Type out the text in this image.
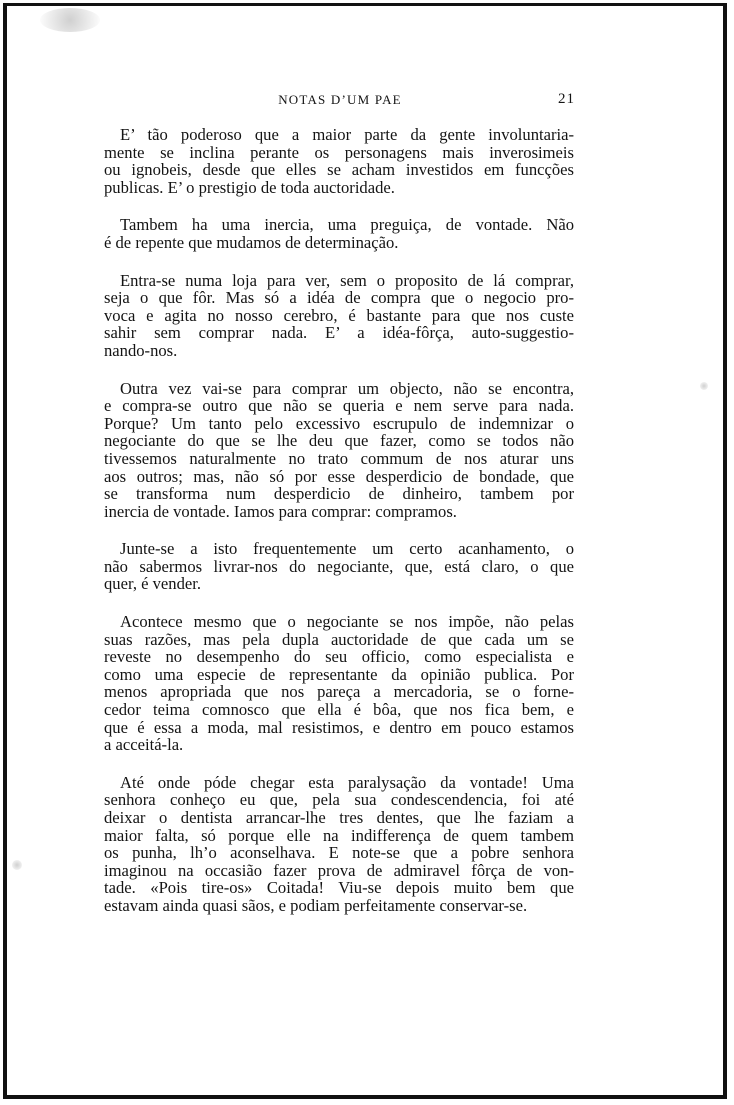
NOTAS D’UM PAE	21

E’ tão poderoso que a maior parte da gente involuntaria-
mente se inclina perante os personagens mais inverosimeis
ou ignobeis, desde que elles se acham investidos em funcções
publicas. E’ o prestigio de toda auctoridade.

Tambem ha uma inercia, uma preguiça, de vontade. Não
é de repente que mudamos de determinação.

Entra-se numa loja para ver, sem o proposito de lá comprar,
seja o que fôr. Mas só a idéa de compra que o negocio pro-
voca e agita no nosso cerebro, é bastante para que nos custe
sahir sem comprar nada. E’ a idéa-fôrça, auto-suggestio-
nando-nos.

Outra vez vai-se para comprar um objecto, não se encontra,
e compra-se outro que não se queria e nem serve para nada.
Porque? Um tanto pelo excessivo escrupulo de indemnizar o
negociante do que se lhe deu que fazer, como se todos não
tivessemos naturalmente no trato commum de nos aturar uns
aos outros; mas, não só por esse desperdicio de bondade, que
se transforma num desperdicio de dinheiro, tambem por
inercia de vontade. Iamos para comprar: compramos.

Junte-se a isto frequentemente um certo acanhamento, o
não sabermos livrar-nos do negociante, que, está claro, o que
quer, é vender.

Acontece mesmo que o negociante se nos impõe, não pelas
suas razões, mas pela dupla auctoridade de que cada um se
reveste no desempenho do seu officio, como especialista e
como uma especie de representante da opinião publica. Por
menos apropriada que nos pareça a mercadoria, se o forne-
cedor teima comnosco que ella é bôa, que nos fica bem, e
que é essa a moda, mal resistimos, e dentro em pouco estamos
a acceitá-la.

Até onde póde chegar esta paralysação da vontade! Uma
senhora conheço eu que, pela sua condescendencia, foi até
deixar o dentista arrancar-lhe tres dentes, que lhe faziam a
maior falta, só porque elle na indifferença de quem tambem
os punha, lh’o aconselhava. E note-se que a pobre senhora
imaginou na occasião fazer prova de admiravel fôrça de von-
tade. «Pois tire-os» Coitada! Viu-se depois muito bem que
estavam ainda quasi sãos, e podiam perfeitamente conservar-se.
